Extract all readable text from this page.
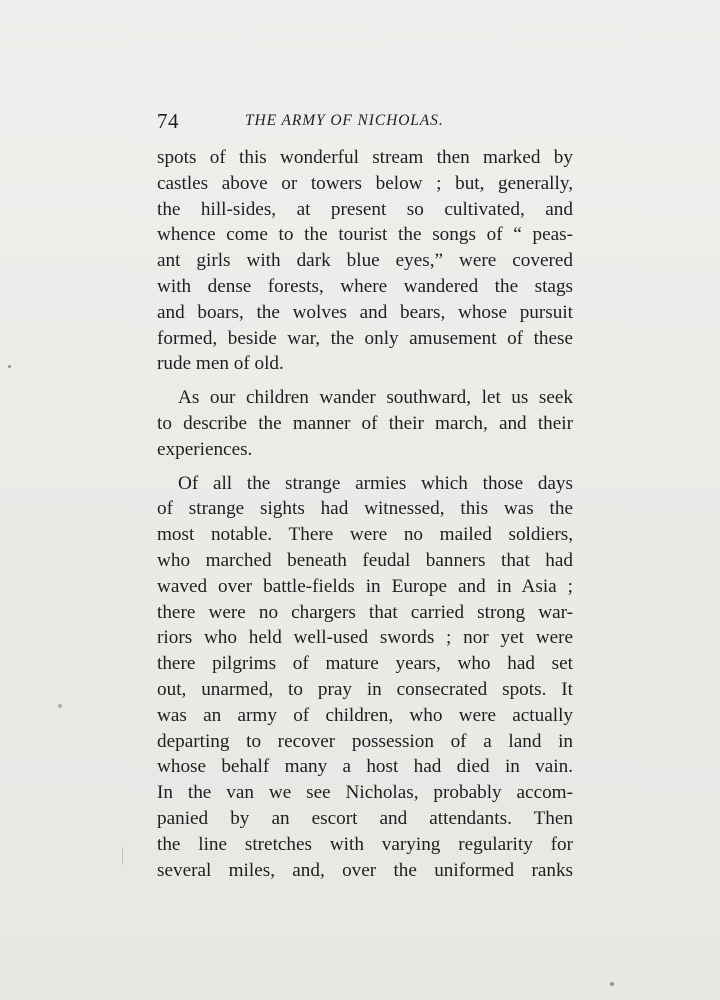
74	THE ARMY OF NICHOLAS.

spots of this wonderful stream then marked by
castles above or towers below ; but, generally,
the hill-sides, at present so cultivated, and
whence come to the tourist the songs of “ peas-
ant girls with dark blue eyes,” were covered
with dense forests, where wandered the stags
and boars, the wolves and bears, whose pursuit
formed, beside war, the only amusement of these
rude men of old.

As our children wander southward, let us seek
to describe the manner of their march, and their
experiences.

Of all the strange armies which those days
of strange sights had witnessed, this was the
most notable. There were no mailed soldiers,
who marched beneath feudal banners that had
waved over battle-fields in Europe and in Asia ;
there were no chargers that carried strong war-
riors who held well-used swords ; nor yet were
there pilgrims of mature years, who had set
out, unarmed, to pray in consecrated spots. It
was an army of children, who were actually
departing to recover possession of a land in
whose behalf many a host had died in vain.
In the van we see Nicholas, probably accom-
panied by an escort and attendants. Then
the line stretches with varying regularity for
several miles, and, over the uniformed ranks
